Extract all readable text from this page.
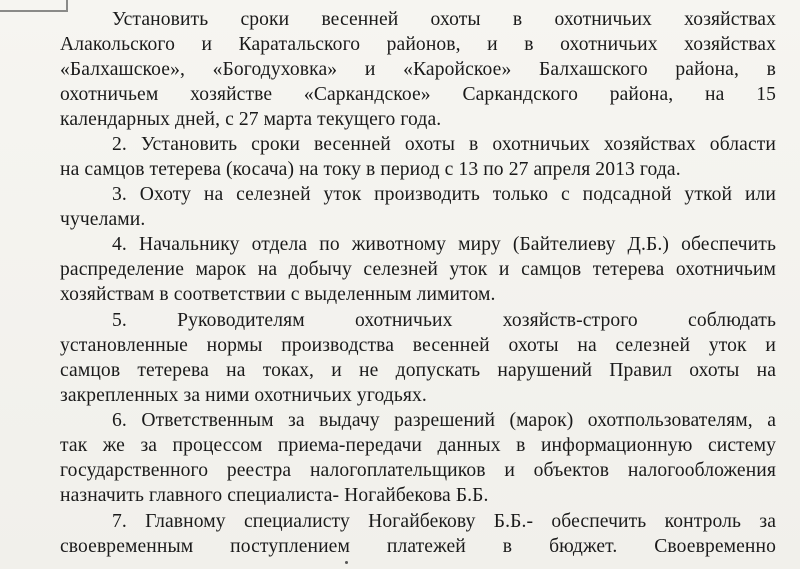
Установить сроки весенней охоты в охотничьих хозяйствах
Алакольского и Каратальского районов, и в охотничьих хозяйствах
«Балхашское», «Богодуховка» и «Каройское» Балхашского района, в
охотничьем хозяйстве «Саркандское» Саркандского района, на 15
календарных дней, с 27 марта текущего года.
2. Установить сроки весенней охоты в охотничьих хозяйствах области
на самцов тетерева (косача) на току в период с 13 по 27 апреля 2013 года.
3. Охоту на селезней уток производить только с подсадной уткой или
чучелами.
4. Начальнику отдела по животному миру (Байтелиеву Д.Б.) обеспечить
распределение марок на добычу селезней уток и самцов тетерева охотничьим
хозяйствам в соответствии с выделенным лимитом.
5. Руководителям охотничьих хозяйств-строго соблюдать
установленные нормы производства весенней охоты на селезней уток и
самцов тетерева на токах, и не допускать нарушений Правил охоты на
закрепленных за ними охотничьих угодьях.
6. Ответственным за выдачу разрешений (марок) охотпользователям, а
так же за процессом приема-передачи данных в информационную систему
государственного реестра налогоплательщиков и объектов налогообложения
назначить главного специалиста- Ногайбекова Б.Б.
7. Главному специалисту Ногайбекову Б.Б.- обеспечить контроль за
своевременным поступлением платежей в бюджет. Своевременно
